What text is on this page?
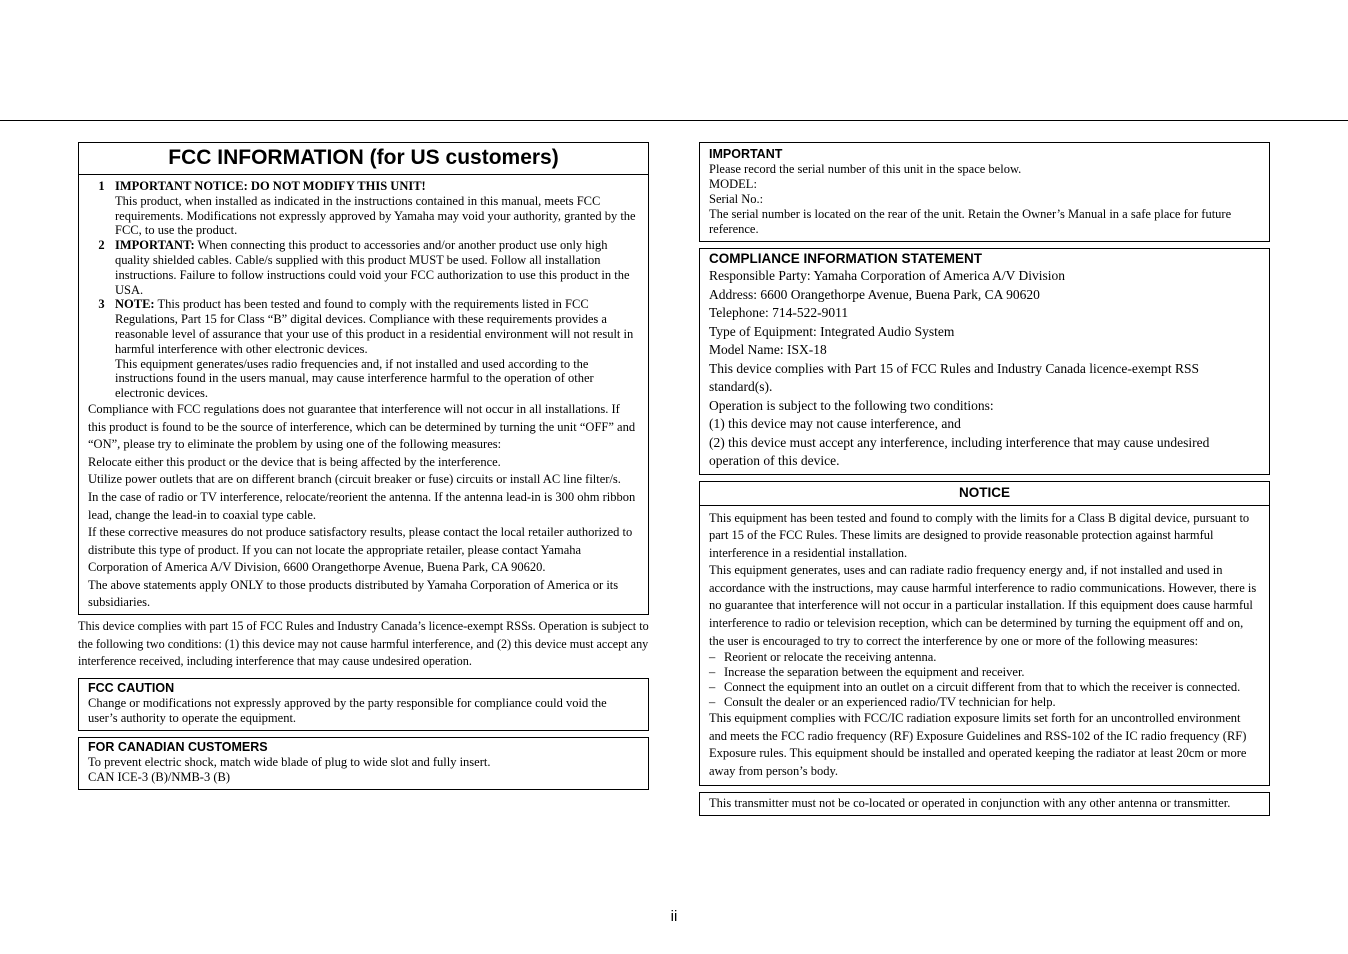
FCC INFORMATION (for US customers)
1 IMPORTANT NOTICE: DO NOT MODIFY THIS UNIT!
This product, when installed as indicated in the instructions contained in this manual, meets FCC requirements. Modifications not expressly approved by Yamaha may void your authority, granted by the FCC, to use the product.
2 IMPORTANT: When connecting this product to accessories and/or another product use only high quality shielded cables. Cable/s supplied with this product MUST be used. Follow all installation instructions. Failure to follow instructions could void your FCC authorization to use this product in the USA.
3 NOTE: This product has been tested and found to comply with the requirements listed in FCC Regulations, Part 15 for Class “B” digital devices. Compliance with these requirements provides a reasonable level of assurance that your use of this product in a residential environment will not result in harmful interference with other electronic devices.
This equipment generates/uses radio frequencies and, if not installed and used according to the instructions found in the users manual, may cause interference harmful to the operation of other electronic devices.
Compliance with FCC regulations does not guarantee that interference will not occur in all installations. If this product is found to be the source of interference, which can be determined by turning the unit “OFF” and “ON”, please try to eliminate the problem by using one of the following measures:
Relocate either this product or the device that is being affected by the interference.
Utilize power outlets that are on different branch (circuit breaker or fuse) circuits or install AC line filter/s.
In the case of radio or TV interference, relocate/reorient the antenna. If the antenna lead-in is 300 ohm ribbon lead, change the lead-in to coaxial type cable.
If these corrective measures do not produce satisfactory results, please contact the local retailer authorized to distribute this type of product. If you can not locate the appropriate retailer, please contact Yamaha Corporation of America A/V Division, 6600 Orangethorpe Avenue, Buena Park, CA 90620.
The above statements apply ONLY to those products distributed by Yamaha Corporation of America or its subsidiaries.
This device complies with part 15 of FCC Rules and Industry Canada’s licence-exempt RSSs. Operation is subject to the following two conditions: (1) this device may not cause harmful interference, and (2) this device must accept any interference received, including interference that may cause undesired operation.
FCC CAUTION
Change or modifications not expressly approved by the party responsible for compliance could void the user’s authority to operate the equipment.
FOR CANADIAN CUSTOMERS
To prevent electric shock, match wide blade of plug to wide slot and fully insert.
CAN ICE-3 (B)/NMB-3 (B)
IMPORTANT
Please record the serial number of this unit in the space below.
MODEL:
Serial No.:
The serial number is located on the rear of the unit. Retain the Owner’s Manual in a safe place for future reference.
COMPLIANCE INFORMATION STATEMENT
Responsible Party: Yamaha Corporation of America A/V Division
Address: 6600 Orangethorpe Avenue, Buena Park, CA 90620
Telephone: 714-522-9011
Type of Equipment: Integrated Audio System
Model Name: ISX-18
This device complies with Part 15 of FCC Rules and Industry Canada licence-exempt RSS standard(s).
Operation is subject to the following two conditions:
(1) this device may not cause interference, and
(2) this device must accept any interference, including interference that may cause undesired operation of this device.
NOTICE
This equipment has been tested and found to comply with the limits for a Class B digital device, pursuant to part 15 of the FCC Rules. These limits are designed to provide reasonable protection against harmful interference in a residential installation.
This equipment generates, uses and can radiate radio frequency energy and, if not installed and used in accordance with the instructions, may cause harmful interference to radio communications. However, there is no guarantee that interference will not occur in a particular installation. If this equipment does cause harmful interference to radio or television reception, which can be determined by turning the equipment off and on, the user is encouraged to try to correct the interference by one or more of the following measures:
– Reorient or relocate the receiving antenna.
– Increase the separation between the equipment and receiver.
– Connect the equipment into an outlet on a circuit different from that to which the receiver is connected.
– Consult the dealer or an experienced radio/TV technician for help.
This equipment complies with FCC/IC radiation exposure limits set forth for an uncontrolled environment and meets the FCC radio frequency (RF) Exposure Guidelines and RSS-102 of the IC radio frequency (RF) Exposure rules. This equipment should be installed and operated keeping the radiator at least 20cm or more away from person’s body.
This transmitter must not be co-located or operated in conjunction with any other antenna or transmitter.
ii
